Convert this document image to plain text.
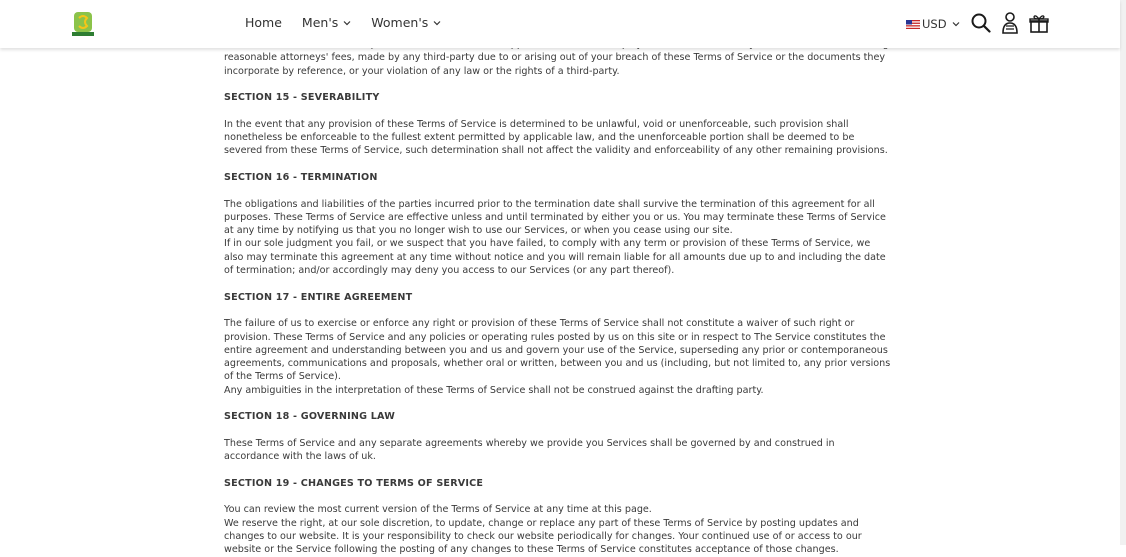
Home Men's	Women's	USD

reasonable attorneys' fees, made by any third-party due to or arising out of your breach of these Terms of Service or the documents they incorporate by reference, or your violation of any law or the rights of a third-party.

SECTION 15 - SEVERABILITY

In the event that any provision of these Terms of Service is determined to be unlawful, void or unenforceable, such provision shall nonetheless be enforceable to the fullest extent permitted by applicable law, and the unenforceable portion shall be deemed to be severed from these Terms of Service, such determination shall not affect the validity and enforceability of any other remaining provisions.

SECTION 16 - TERMINATION

The obligations and liabilities of the parties incurred prior to the termination date shall survive the termination of this agreement for all purposes. These Terms of Service are effective unless and until terminated by either you or us. You may terminate these Terms of Service at any time by notifying us that you no longer wish to use our Services, or when you cease using our site.

If in our sole judgment you fail, or we suspect that you have failed, to comply with any term or provision of these Terms of Service, we also may terminate this agreement at any time without notice and you will remain liable for all amounts due up to and including the date of termination; and/or accordingly may deny you access to our Services (or any part thereof).

SECTION 17 - ENTIRE AGREEMENT

The failure of us to exercise or enforce any right or provision of these Terms of Service shall not constitute a waiver of such right or provision. These Terms of Service and any policies or operating rules posted by us on this site or in respect to The Service constitutes the entire agreement and understanding between you and us and govern your use of the Service, superseding any prior or contemporaneous agreements, communications and proposals, whether oral or written, between you and us (including, but not limited to, any prior versions of the Terms of Service).

Any ambiguities in the interpretation of these Terms of Service shall not be construed against the drafting party.

SECTION 18 - GOVERNING LAW

These Terms of Service and any separate agreements whereby we provide you Services shall be governed by and construed in accordance with the laws of uk.

SECTION 19 - CHANGES TO TERMS OF SERVICE

You can review the most current version of the Terms of Service at any time at this page.

We reserve the right, at our sole discretion, to update, change or replace any part of these Terms of Service by posting updates and changes to our website. It is your responsibility to check our website periodically for changes. Your continued use of or access to our website or the Service following the posting of any changes to these Terms of Service constitutes acceptance of those changes.
